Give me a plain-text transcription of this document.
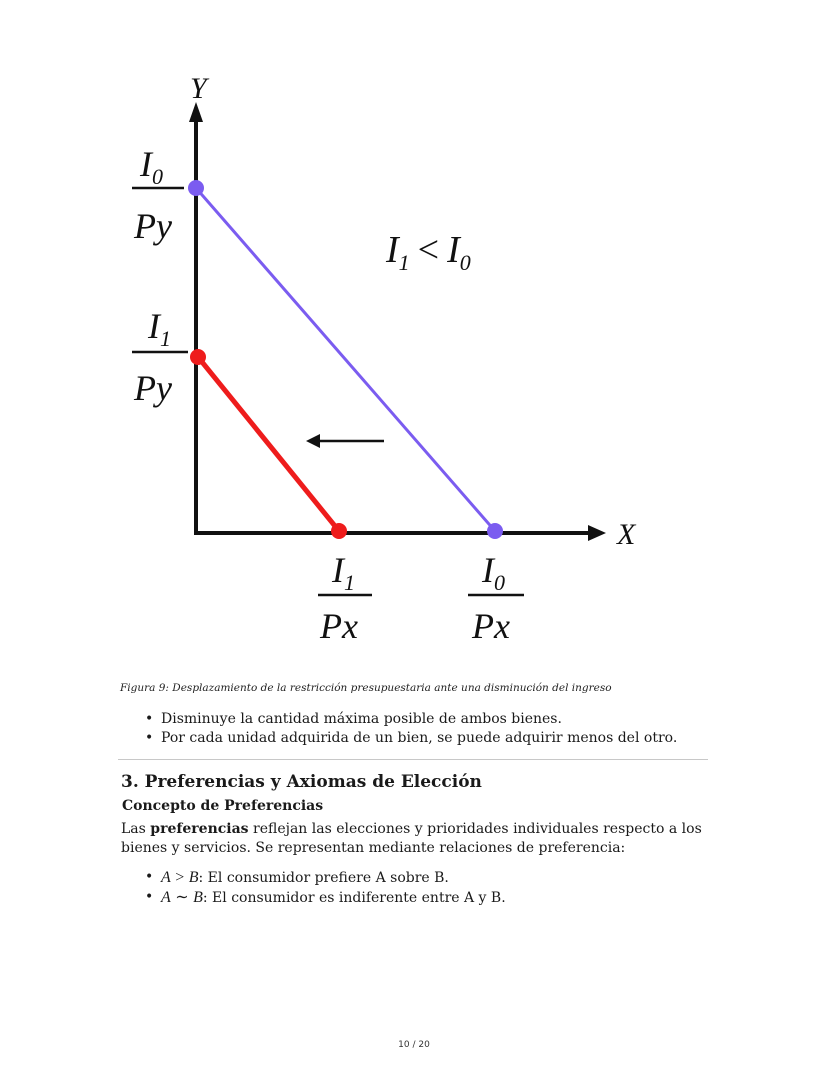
Y
X
$I_0$
Py
$I_1$
Py
$I_1$
Px
$I_0$
Px
$I_1 < I_0$
Figura 9: Desplazamiento de la restricción presupuestaria ante una disminución del ingreso
• Disminuye la cantidad máxima posible de ambos bienes.
• Por cada unidad adquirida de un bien, se puede adquirir menos del otro.
3. Preferencias y Axiomas de Elección
Concepto de Preferencias
Las preferencias reflejan las elecciones y prioridades individuales respecto a los bienes y servicios. Se representan mediante relaciones de preferencia:
• A > B: El consumidor prefiere A sobre B.
• A ∼ B: El consumidor es indiferente entre A y B.
10 / 20
